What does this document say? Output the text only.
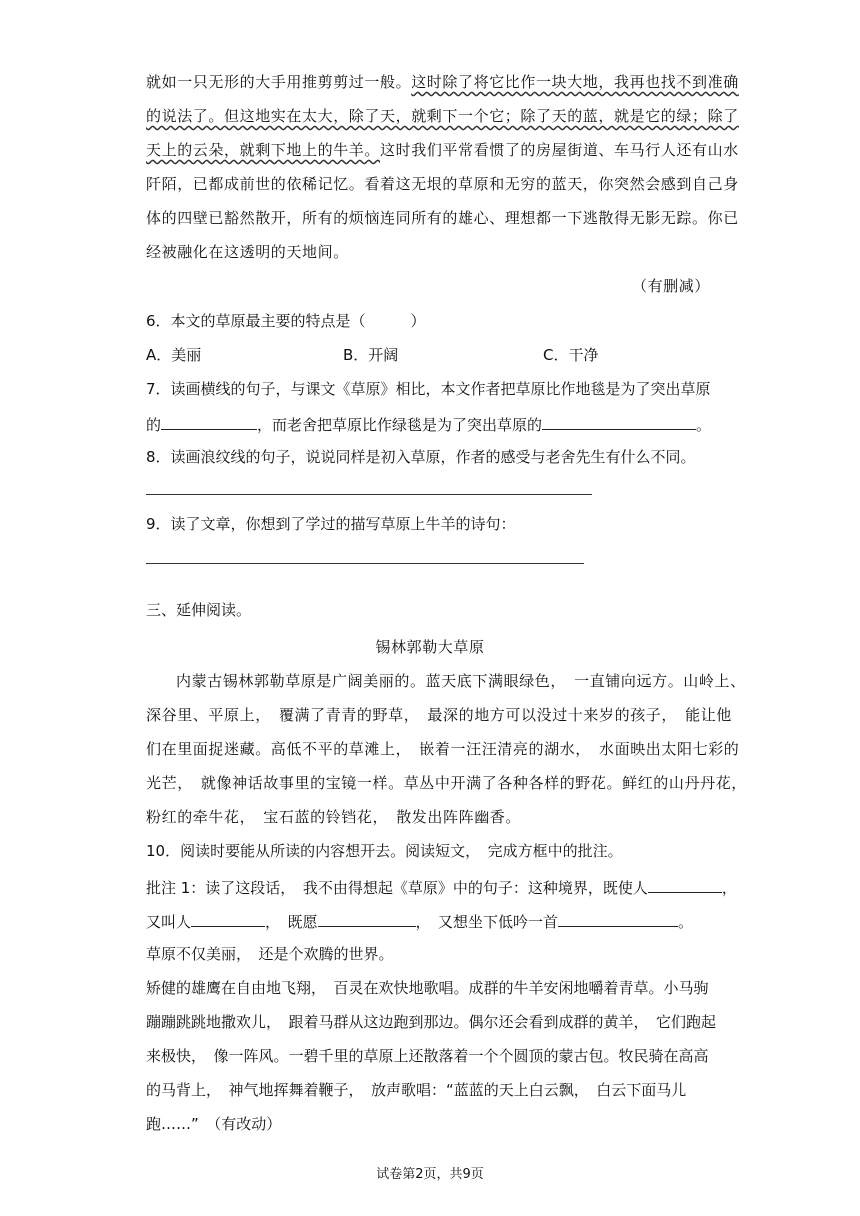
就如一只无形的大手用推剪剪过一般。这时除了将它比作一块大地，我再也找不到准确
的说法了。但这地实在太大，除了天，就剩下一个它；除了天的蓝，就是它的绿；除了
天上的云朵，就剩下地上的牛羊。这时我们平常看惯了的房屋街道、车马行人还有山水
阡陌，已都成前世的依稀记忆。看着这无垠的草原和无穷的蓝天，你突然会感到自己身
体的四壁已豁然散开，所有的烦恼连同所有的雄心、理想都一下逃散得无影无踪。你已
经被融化在这透明的天地间。
（有删减）
6．本文的草原最主要的特点是（　　　）
A．美丽	B．开阔	C．干净
7．读画横线的句子，与课文《草原》相比，本文作者把草原比作地毯是为了突出草原
的	，而老舍把草原比作绿毯是为了突出草原的	。
8．读画浪纹线的句子，说说同样是初入草原，作者的感受与老舍先生有什么不同。
9．读了文章，你想到了学过的描写草原上牛羊的诗句：
三、延伸阅读。
锡林郭勒大草原
内蒙古锡林郭勒草原是广阔美丽的。蓝天底下满眼绿色，　一直铺向远方。山岭上、
深谷里、平原上，　覆满了青青的野草，　最深的地方可以没过十来岁的孩子，　能让他
们在里面捉迷藏。高低不平的草滩上，　嵌着一汪汪清亮的湖水，　水面映出太阳七彩的
光芒，　就像神话故事里的宝镜一样。草丛中开满了各种各样的野花。鲜红的山丹丹花，
粉红的牵牛花，　宝石蓝的铃铛花，　散发出阵阵幽香。
10．阅读时要能从所读的内容想开去。阅读短文，　完成方框中的批注。
批注 1：读了这段话，　我不由得想起《草原》中的句子：这种境界，既使人	，
又叫人	，　既愿	，　又想坐下低吟一首	。
草原不仅美丽，　还是个欢腾的世界。
矫健的雄鹰在自由地飞翔，　百灵在欢快地歌唱。成群的牛羊安闲地嚼着青草。小马驹
蹦蹦跳跳地撒欢儿，　跟着马群从这边跑到那边。偶尔还会看到成群的黄羊，　它们跑起
来极快，　像一阵风。一碧千里的草原上还散落着一个个圆顶的蒙古包。牧民骑在高高
的马背上，　神气地挥舞着鞭子，　放声歌唱：“蓝蓝的天上白云飘，　白云下面马儿
跑……”　（有改动）
试卷第2页，共9页
